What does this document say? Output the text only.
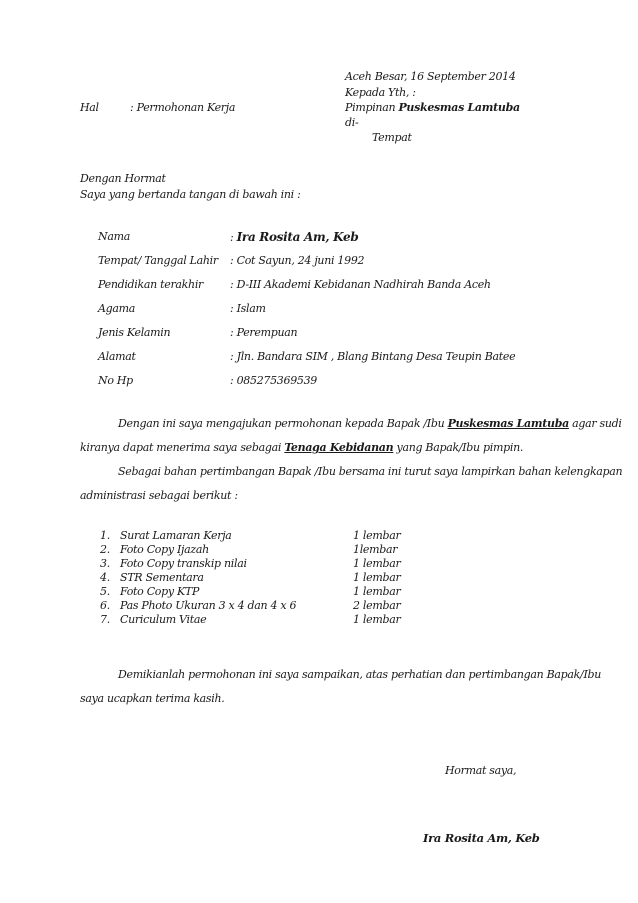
Aceh Besar, 16 September 2014
Kepada Yth, :
Pimpinan Puskesmas Lamtuba
di-
Tempat
Hal	: Permohonan Kerja
Dengan Hormat
Saya yang bertanda tangan di bawah ini :
Nama	: Ira Rosita Am, Keb
Tempat/ Tanggal Lahir : Cot Sayun, 24 juni 1992
Pendidikan terakhir : D-III Akademi Kebidanan Nadhirah Banda Aceh
Agama	: Islam
Jenis Kelamin	: Perempuan
Alamat	: Jln. Bandara SIM , Blang Bintang Desa Teupin Batee
No Hp	: 085275369539
Dengan ini saya mengajukan permohonan kepada Bapak /Ibu Puskesmas Lamtuba agar sudi
kiranya dapat menerima saya sebagai Tenaga Kebidanan yang Bapak/Ibu pimpin.
Sebagai bahan pertimbangan Bapak /Ibu bersama ini turut saya lampirkan bahan kelengkapan
administrasi sebagai berikut :
1. Surat Lamaran Kerja	1 lembar
2. Foto Copy Ijazah	1lembar
3. Foto Copy transkip nilai	1 lembar
4. STR Sementara	1 lembar
5. Foto Copy KTP	1 lembar
6. Pas Photo Ukuran 3 x 4 dan 4 x 6	2 lembar
7. Curiculum Vitae	1 lembar
Demikianlah permohonan ini saya sampaikan, atas perhatian dan pertimbangan Bapak/Ibu
saya ucapkan terima kasih.
Hormat saya,
Ira Rosita Am, Keb
